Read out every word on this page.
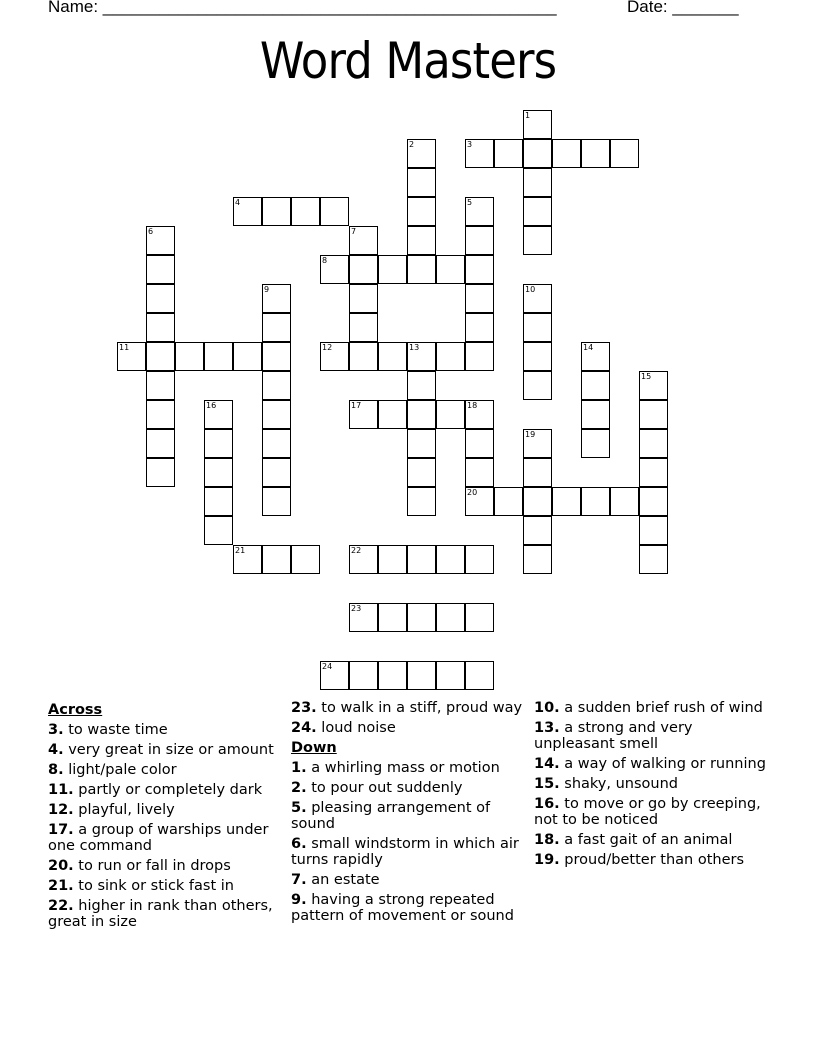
Name: ________________________________________________	Date: _______
Word Masters
1
2	3
4	5
6	7
8
9	10
11	12	13	14
15
16	17	18
20
19
21	22
23
24
Across
3. to waste time
4. very great in size or amount
8. light/pale color
11. partly or completely dark
12. playful, lively
17. a group of warships under one command
20. to run or fall in drops
21. to sink or stick fast in
22. higher in rank than others, great in size
23. to walk in a stiff, proud way
24. loud noise
Down
1. a whirling mass or motion
2. to pour out suddenly
5. pleasing arrangement of sound
6. small windstorm in which air turns rapidly
7. an estate
9. having a strong repeated pattern of movement or sound
10. a sudden brief rush of wind
13. a strong and very unpleasant smell
14. a way of walking or running
15. shaky, unsound
16. to move or go by creeping, not to be noticed
18. a fast gait of an animal
19. proud/better than others
